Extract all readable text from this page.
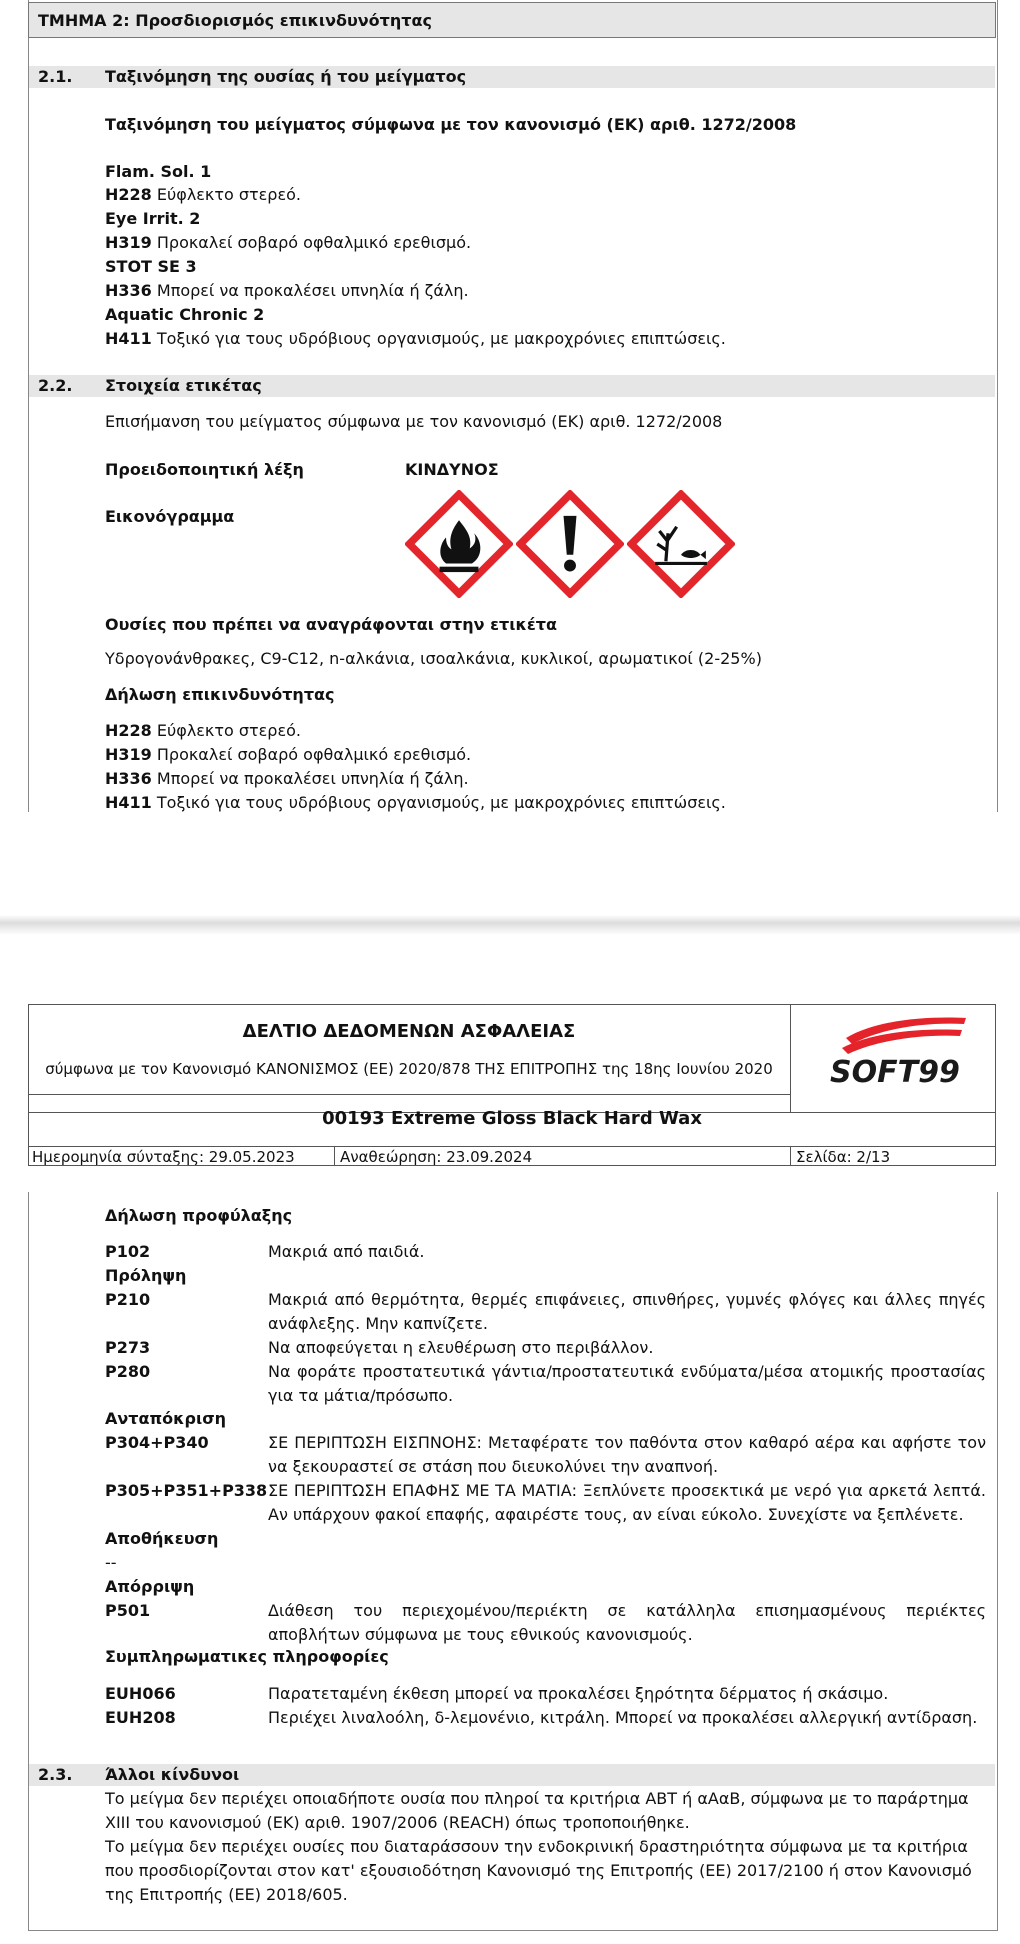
ΤΜΗΜΑ 2: Προσδιορισμός επικινδυνότητας
2.1. Ταξινόμηση της ουσίας ή του μείγματος
Ταξινόμηση του μείγματος σύμφωνα με τον κανονισμό (ΕΚ) αριθ. 1272/2008
Flam. Sol. 1
H228 Εύφλεκτο στερεό.
Eye Irrit. 2
H319 Προκαλεί σοβαρό οφθαλμικό ερεθισμό.
STOT SE 3
H336 Μπορεί να προκαλέσει υπνηλία ή ζάλη.
Aquatic Chronic 2
H411 Τοξικό για τους υδρόβιους οργανισμούς, με μακροχρόνιες επιπτώσεις.
2.2. Στοιχεία ετικέτας
Επισήμανση του μείγματος σύμφωνα με τον κανονισμό (ΕΚ) αριθ. 1272/2008
Προειδοποιητική λέξη	ΚΙΝΔΥΝΟΣ
Εικονόγραμμα
Ουσίες που πρέπει να αναγράφονται στην ετικέτα
Υδρογονάνθρακες, C9-C12, n-αλκάνια, ισοαλκάνια, κυκλικοί, αρωματικοί (2-25%)
Δήλωση επικινδυνότητας
H228 Εύφλεκτο στερεό.
H319 Προκαλεί σοβαρό οφθαλμικό ερεθισμό.
H336 Μπορεί να προκαλέσει υπνηλία ή ζάλη.
H411 Τοξικό για τους υδρόβιους οργανισμούς, με μακροχρόνιες επιπτώσεις.
ΔΕΛΤΙΟ ΔΕΔΟΜΕΝΩΝ ΑΣΦΑΛΕΙΑΣ
σύμφωνα με τον Κανονισμό ΚΑΝΟΝΙΣΜΟΣ (ΕΕ) 2020/878 ΤΗΣ ΕΠΙΤΡΟΠΗΣ της 18ης Ιουνίου 2020	SOFT99
00193 Extreme Gloss Black Hard Wax
Ημερομηνία σύνταξης: 29.05.2023	Αναθεώρηση: 23.09.2024	Σελίδα: 2/13
Δήλωση προφύλαξης
P102	Μακριά από παιδιά.
Πρόληψη
P210	Μακριά από θερμότητα, θερμές επιφάνειες, σπινθήρες, γυμνές φλόγες και άλλες πηγές ανάφλεξης. Μην καπνίζετε.
P273	Να αποφεύγεται η ελευθέρωση στο περιβάλλον.
P280	Να φοράτε προστατευτικά γάντια/προστατευτικά ενδύματα/μέσα ατομικής προστασίας για τα μάτια/πρόσωπο.
Ανταπόκριση
P304+P340	ΣΕ ΠΕΡΙΠΤΩΣΗ ΕΙΣΠΝΟΗΣ: Μεταφέρατε τον παθόντα στον καθαρό αέρα και αφήστε τον να ξεκουραστεί σε στάση που διευκολύνει την αναπνοή.
P305+P351+P338 ΣΕ ΠΕΡΙΠΤΩΣΗ ΕΠΑΦΗΣ ΜΕ ΤΑ ΜΑΤΙΑ: Ξεπλύνετε προσεκτικά με νερό για αρκετά λεπτά. Αν υπάρχουν φακοί επαφής, αφαιρέστε τους, αν είναι εύκολο. Συνεχίστε να ξεπλένετε.
Αποθήκευση
--
Απόρριψη
P501	Διάθεση του περιεχομένου/περιέκτη σε κατάλληλα επισημασμένους περιέκτες αποβλήτων σύμφωνα με τους εθνικούς κανονισμούς.
Συμπληρωματικες πληροφορίες
EUH066	Παρατεταμένη έκθεση μπορεί να προκαλέσει ξηρότητα δέρματος ή σκάσιμο.
EUH208	Περιέχει λιναλοόλη, δ-λεμονένιο, κιτράλη. Μπορεί να προκαλέσει αλλεργική αντίδραση.
2.3. Άλλοι κίνδυνοι
Το μείγμα δεν περιέχει οποιαδήποτε ουσία που πληροί τα κριτήρια ΑΒΤ ή αΑαΒ, σύμφωνα με το παράρτημα
XIII του κανονισμού (ΕΚ) αριθ. 1907/2006 (REACH) όπως τροποποιήθηκε.
Το μείγμα δεν περιέχει ουσίες που διαταράσσουν την ενδοκρινική δραστηριότητα σύμφωνα με τα κριτήρια
που προσδιορίζονται στον κατ' εξουσιοδότηση Κανονισμό της Επιτροπής (ΕΕ) 2017/2100 ή στον Κανονισμό
της Επιτροπής (ΕΕ) 2018/605.
